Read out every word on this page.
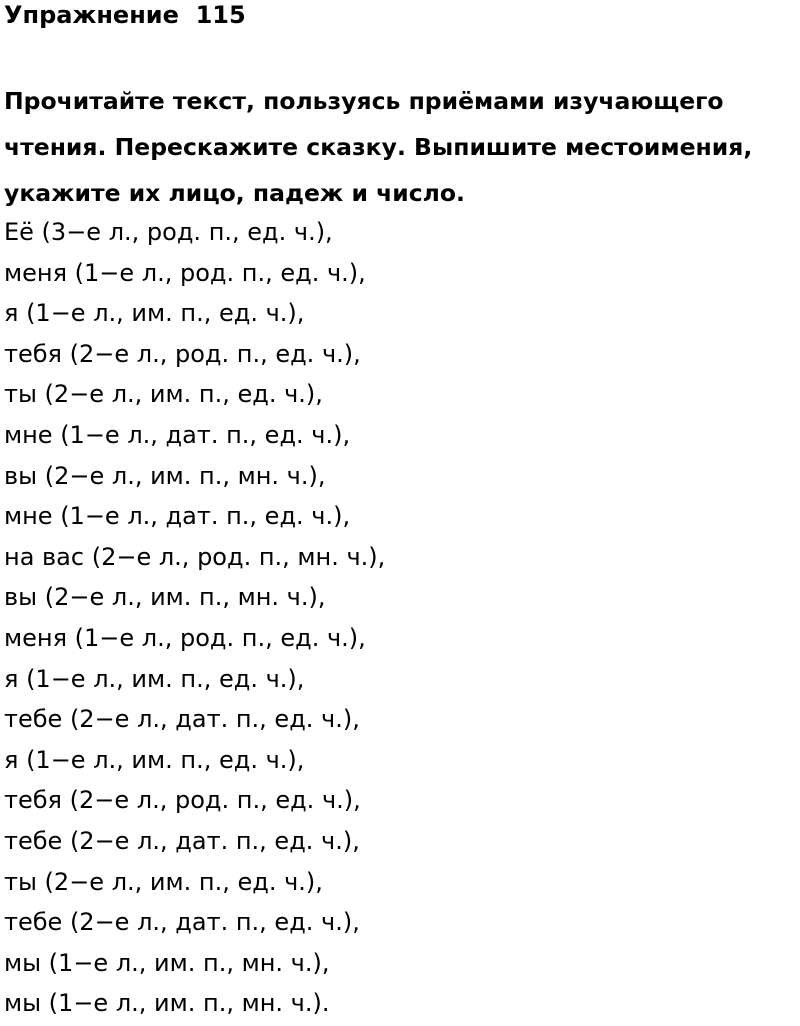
Упражнение  115
Прочитайте текст, пользуясь приёмами изучающего
чтения. Перескажите сказку. Выпишите местоимения,
укажите их лицо, падеж и число.
Её (3−е л., род. п., ед. ч.),
меня (1−е л., род. п., ед. ч.),
я (1−е л., им. п., ед. ч.),
тебя (2−е л., род. п., ед. ч.),
ты (2−е л., им. п., ед. ч.),
мне (1−е л., дат. п., ед. ч.),
вы (2−е л., им. п., мн. ч.),
мне (1−е л., дат. п., ед. ч.),
на вас (2−е л., род. п., мн. ч.),
вы (2−е л., им. п., мн. ч.),
меня (1−е л., род. п., ед. ч.),
я (1−е л., им. п., ед. ч.),
тебе (2−е л., дат. п., ед. ч.),
я (1−е л., им. п., ед. ч.),
тебя (2−е л., род. п., ед. ч.),
тебе (2−е л., дат. п., ед. ч.),
ты (2−е л., им. п., ед. ч.),
тебе (2−е л., дат. п., ед. ч.),
мы (1−е л., им. п., мн. ч.),
мы (1−е л., им. п., мн. ч.).
